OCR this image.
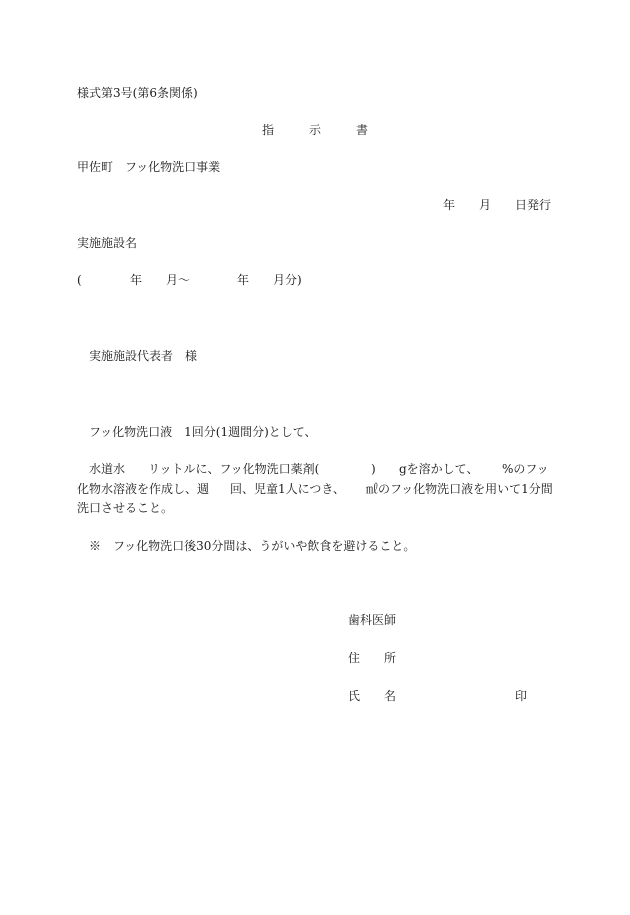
様式第3号(第6条関係)
指	示	書
甲佐町　フッ化物洗口事業
年 月 日発行
実施施設名
(	年 月〜	年 月分)
実施施設代表者　様
フッ化物洗口液　1回分(1週間分)として、
水道水 リットルに、フッ化物洗口薬剤(	) gを溶かして、 %のフッ
化物水溶液を作成し、週 回、児童1人につき、 ㎖のフッ化物洗口液を用いて1分間
洗口させること。
※　フッ化物洗口後30分間は、うがいや飲食を避けること。
歯科医師
住 所
氏 名	印
